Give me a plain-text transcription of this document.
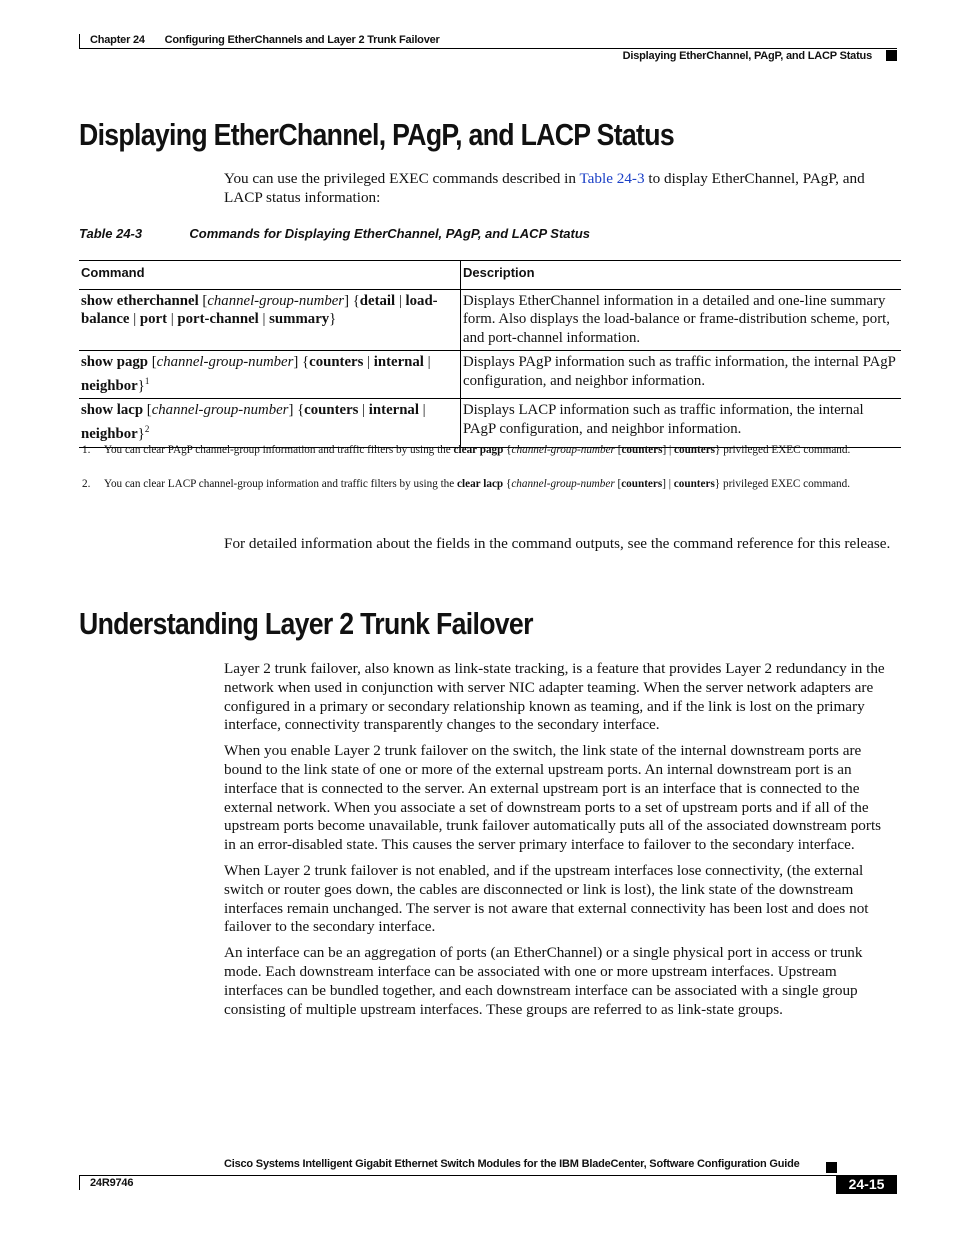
Chapter 24 Configuring EtherChannels and Layer 2 Trunk Failover
Displaying EtherChannel, PAgP, and LACP Status
Displaying EtherChannel, PAgP, and LACP Status
You can use the privileged EXEC commands described in Table 24-3 to display EtherChannel, PAgP, and LACP status information:
Table 24-3	Commands for Displaying EtherChannel, PAgP, and LACP Status
Command	Description
show etherchannel [channel-group-number] {detail | load-balance | port | port-channel | summary}	Displays EtherChannel information in a detailed and one-line summary form. Also displays the load-balance or frame-distribution scheme, port, and port-channel information.
show pagp [channel-group-number] {counters | internal | neighbor}$^1$	Displays PAgP information such as traffic information, the internal PAgP configuration, and neighbor information.
show lacp [channel-group-number] {counters | internal | neighbor}$^2$	Displays LACP information such as traffic information, the internal PAgP configuration, and neighbor information.
1. You can clear PAgP channel-group information and traffic filters by using the clear pagp {channel-group-number [counters] | counters} privileged EXEC command.
2. You can clear LACP channel-group information and traffic filters by using the clear lacp {channel-group-number [counters] | counters} privileged EXEC command.
For detailed information about the fields in the command outputs, see the command reference for this release.
Understanding Layer 2 Trunk Failover

Layer 2 trunk failover, also known as link-state tracking, is a feature that provides Layer 2 redundancy in the network when used in conjunction with server NIC adapter teaming. When the server network adapters are configured in a primary or secondary relationship known as teaming, and if the link is lost on the primary interface, connectivity transparently changes to the secondary interface.

When you enable Layer 2 trunk failover on the switch, the link state of the internal downstream ports are bound to the link state of one or more of the external upstream ports. An internal downstream port is an interface that is connected to the server. An external upstream port is an interface that is connected to the external network. When you associate a set of downstream ports to a set of upstream ports and if all of the upstream ports become unavailable, trunk failover automatically puts all of the associated downstream ports in an error-disabled state. This causes the server primary interface to failover to the secondary interface.

When Layer 2 trunk failover is not enabled, and if the upstream interfaces lose connectivity, (the external switch or router goes down, the cables are disconnected or link is lost), the link state of the downstream interfaces remain unchanged. The server is not aware that external connectivity has been lost and does not failover to the secondary interface.

An interface can be an aggregation of ports (an EtherChannel) or a single physical port in access or trunk mode. Each downstream interface can be associated with one or more upstream interfaces. Upstream interfaces can be bundled together, and each downstream interface can be associated with a single group consisting of multiple upstream interfaces. These groups are referred to as link-state groups.

Cisco Systems Intelligent Gigabit Ethernet Switch Modules for the IBM BladeCenter, Software Configuration Guide
24R9746	24-15
